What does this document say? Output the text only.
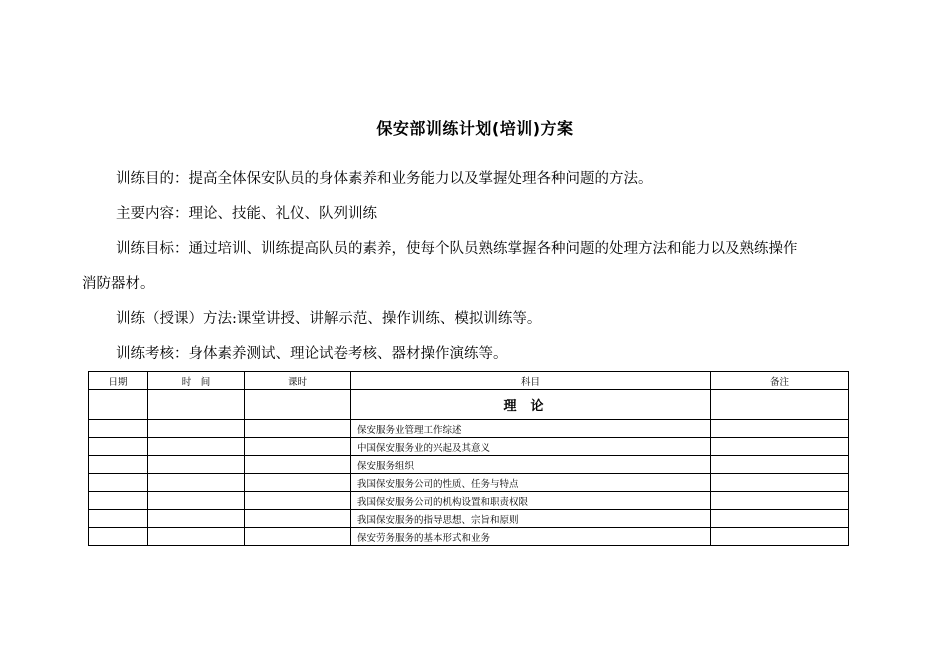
保安部训练计划(培训)方案
训练目的：提高全体保安队员的身体素养和业务能力以及掌握处理各种问题的方法。
主要内容：理论、技能、礼仪、队列训练
训练目标：通过培训、训练提高队员的素养，使每个队员熟练掌握各种问题的处理方法和能力以及熟练操作
消防器材。
训练（授课）方法:课堂讲授、讲解示范、操作训练、模拟训练等。
训练考核：身体素养测试、理论试卷考核、器材操作演练等。
日期	时　间	课时	科目	备注
			理论	
			保安服务业管理工作综述	
			中国保安服务业的兴起及其意义	
			保安服务组织	
			我国保安服务公司的性质、任务与特点	
			我国保安服务公司的机构设置和职责权限	
			我国保安服务的指导思想、宗旨和原则	
			保安劳务服务的基本形式和业务	
